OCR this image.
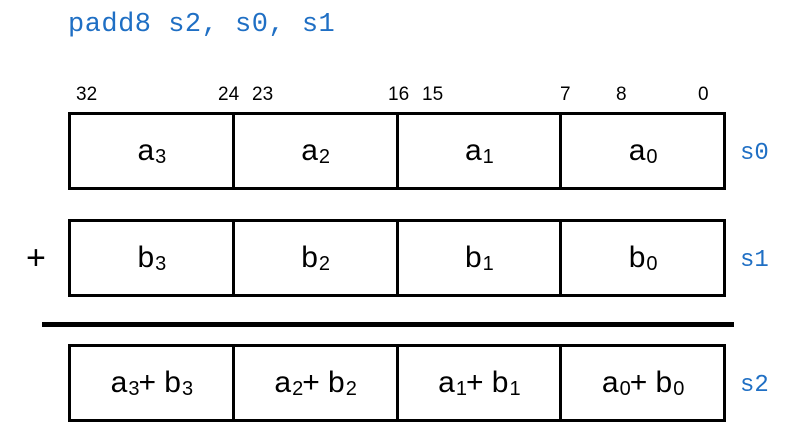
padd8 s2, s0, s1
32	24 23	16 15	7 8	0
+
$a_3$	$a_2$	$a_1$	$a_0$
$b_3$	$b_2$	$b_1$	$b_0$
$a_3 + b_3$	$a_2 + b_2$	$a_1 + b_1$	$a_0 + b_0$
s0
s1
s2
